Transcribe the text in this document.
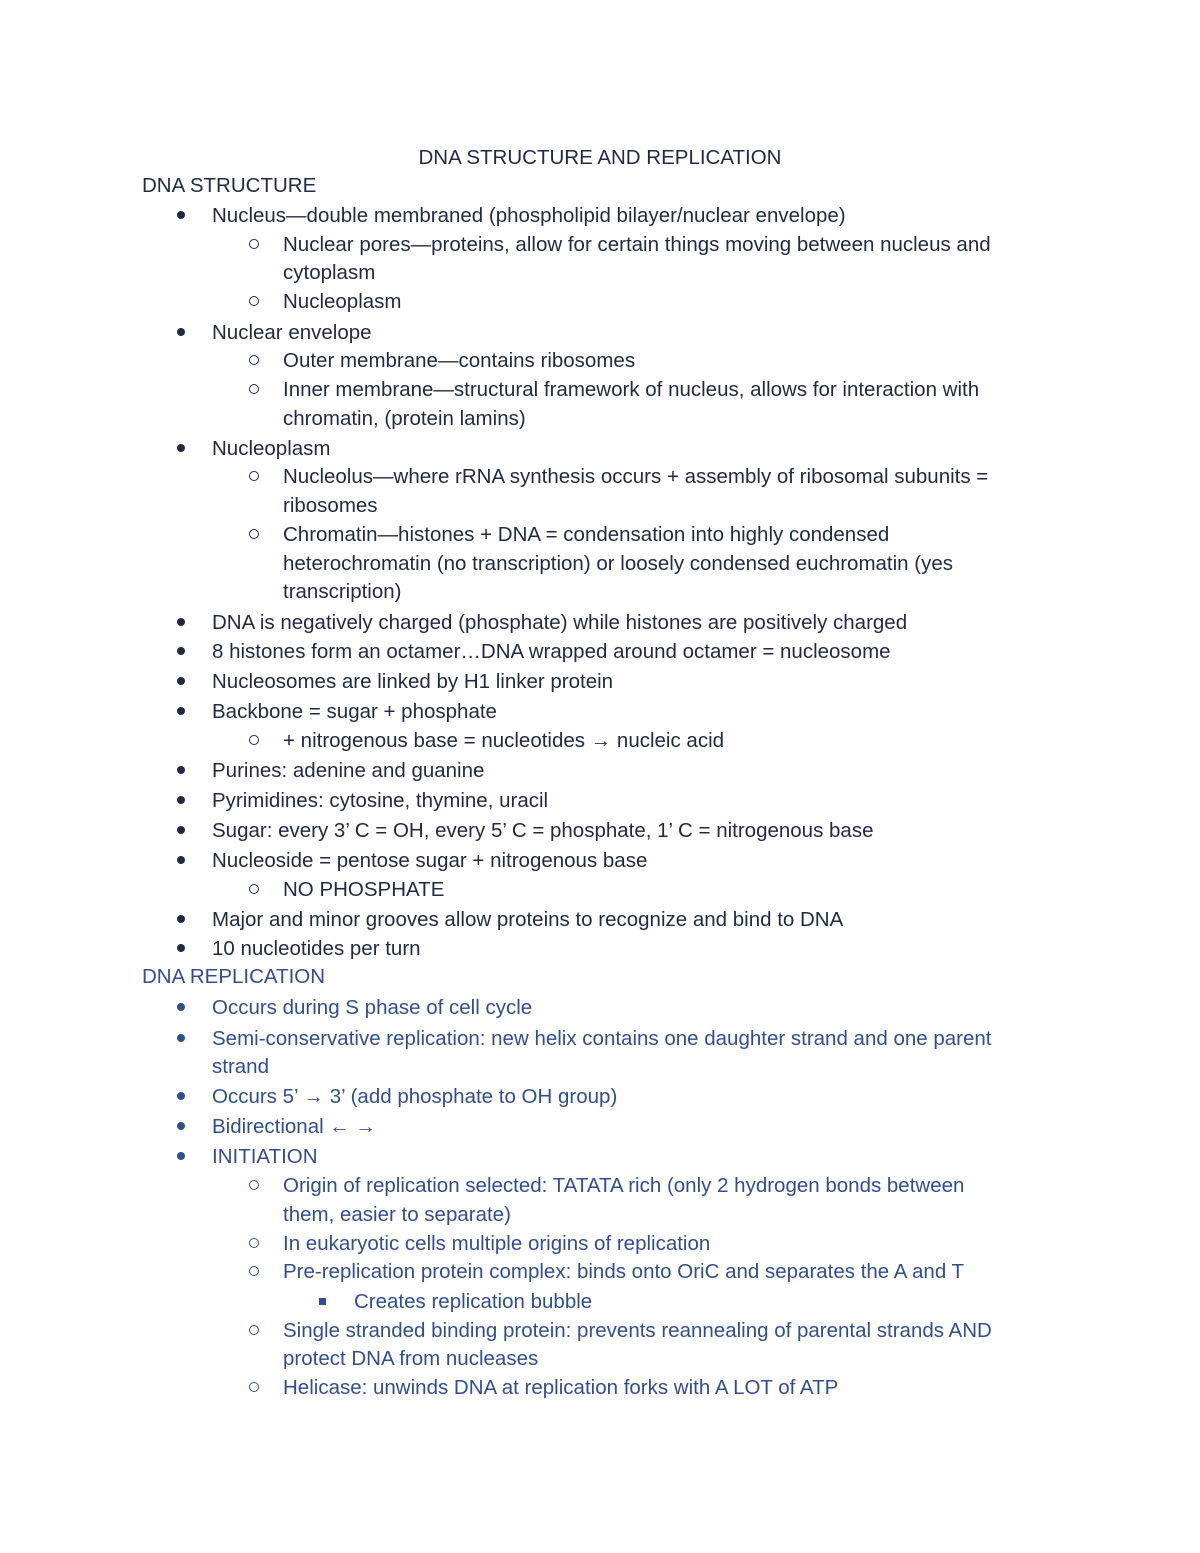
DNA STRUCTURE AND REPLICATION
DNA STRUCTURE
Nucleus—double membraned (phospholipid bilayer/nuclear envelope)
Nuclear pores—proteins, allow for certain things moving between nucleus and
cytoplasm
Nucleoplasm
Nuclear envelope
Outer membrane—contains ribosomes
Inner membrane—structural framework of nucleus, allows for interaction with
chromatin, (protein lamins)
Nucleoplasm
Nucleolus—where rRNA synthesis occurs + assembly of ribosomal subunits =
ribosomes
Chromatin—histones + DNA = condensation into highly condensed
heterochromatin (no transcription) or loosely condensed euchromatin (yes
transcription)
DNA is negatively charged (phosphate) while histones are positively charged
8 histones form an octamer…DNA wrapped around octamer = nucleosome
Nucleosomes are linked by H1 linker protein
Backbone = sugar + phosphate
+ nitrogenous base = nucleotides → nucleic acid
Purines: adenine and guanine
Pyrimidines: cytosine, thymine, uracil
Sugar: every 3’ C = OH, every 5’ C = phosphate, 1’ C = nitrogenous base
Nucleoside = pentose sugar + nitrogenous base
NO PHOSPHATE
Major and minor grooves allow proteins to recognize and bind to DNA
10 nucleotides per turn
DNA REPLICATION
Occurs during S phase of cell cycle
Semi-conservative replication: new helix contains one daughter strand and one parent
strand
Occurs 5’ → 3’ (add phosphate to OH group)
Bidirectional ← →
INITIATION
Origin of replication selected: TATATA rich (only 2 hydrogen bonds between
them, easier to separate)
In eukaryotic cells multiple origins of replication
Pre-replication protein complex: binds onto OriC and separates the A and T
Creates replication bubble
Single stranded binding protein: prevents reannealing of parental strands AND
protect DNA from nucleases
Helicase: unwinds DNA at replication forks with A LOT of ATP
